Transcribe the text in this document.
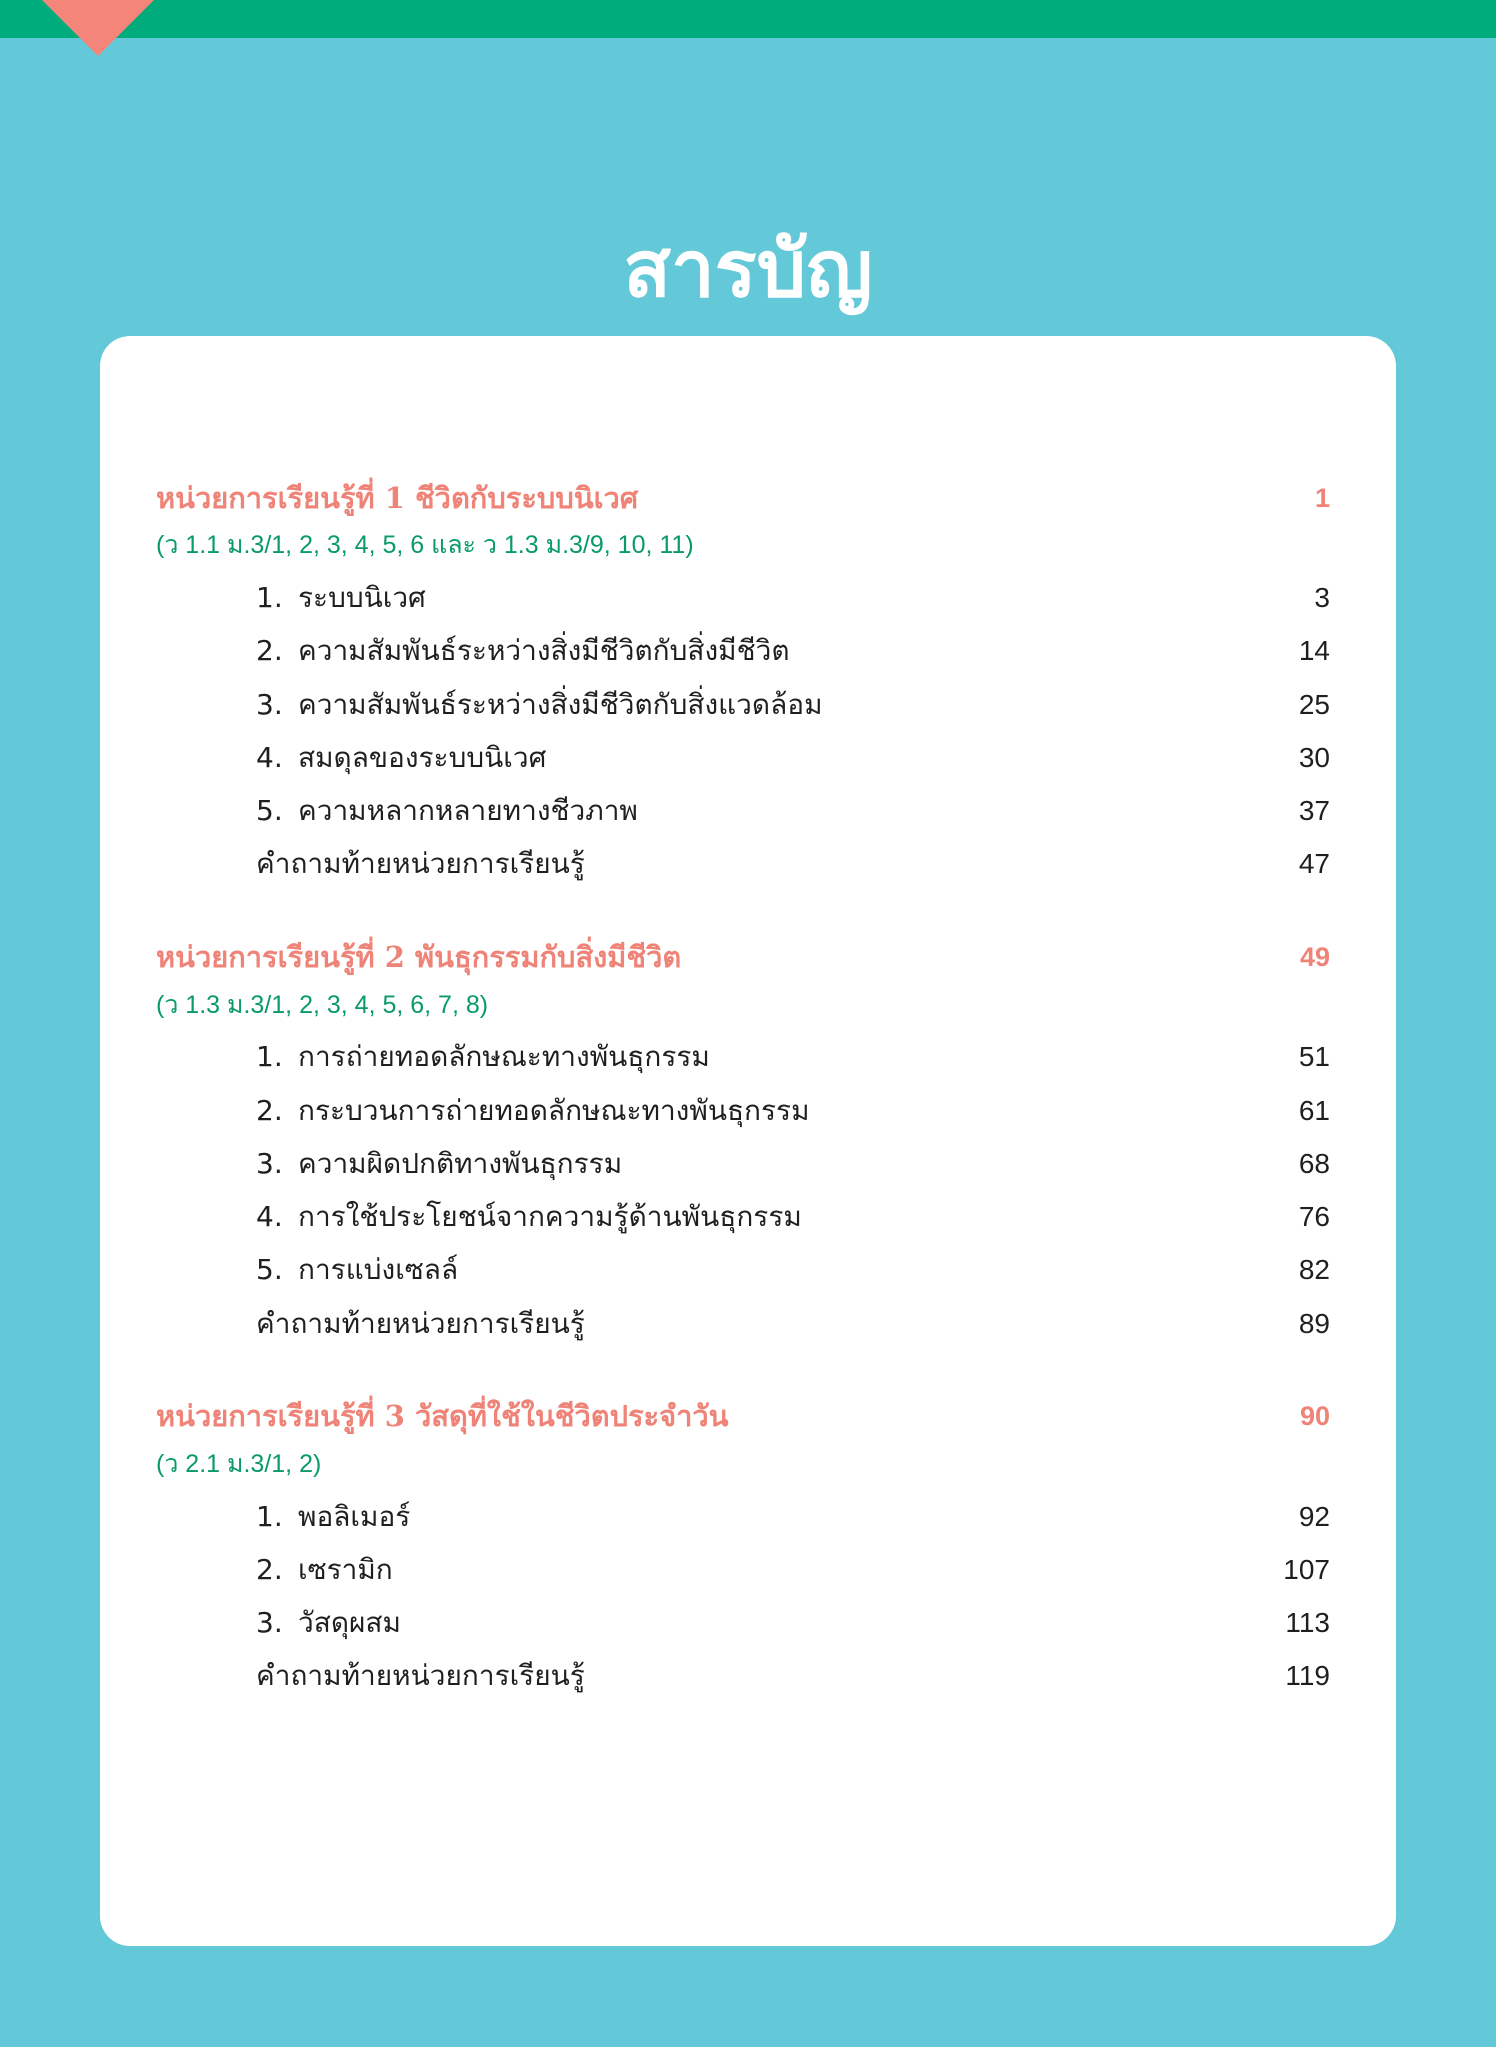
สารบัญ
หน่วยการเรียนรู้ที่ 1 ชีวิตกับระบบนิเวศ	1
(ว 1.1 ม.3/1, 2, 3, 4, 5, 6 และ ว 1.3 ม.3/9, 10, 11)
1. ระบบนิเวศ	3
2. ความสัมพันธ์ระหว่างสิ่งมีชีวิตกับสิ่งมีชีวิต	14
3. ความสัมพันธ์ระหว่างสิ่งมีชีวิตกับสิ่งแวดล้อม	25
4. สมดุลของระบบนิเวศ	30
5. ความหลากหลายทางชีวภาพ	37
คำถามท้ายหน่วยการเรียนรู้	47
หน่วยการเรียนรู้ที่ 2 พันธุกรรมกับสิ่งมีชีวิต	49
(ว 1.3 ม.3/1, 2, 3, 4, 5, 6, 7, 8)
1. การถ่ายทอดลักษณะทางพันธุกรรม	51
2. กระบวนการถ่ายทอดลักษณะทางพันธุกรรม	61
3. ความผิดปกติทางพันธุกรรม	68
4. การใช้ประโยชน์จากความรู้ด้านพันธุกรรม	76
5. การแบ่งเซลล์	82
คำถามท้ายหน่วยการเรียนรู้	89
หน่วยการเรียนรู้ที่ 3 วัสดุที่ใช้ในชีวิตประจำวัน	90
(ว 2.1 ม.3/1, 2)
1. พอลิเมอร์	92
2. เซรามิก	107
3. วัสดุผสม	113
คำถามท้ายหน่วยการเรียนรู้	119
